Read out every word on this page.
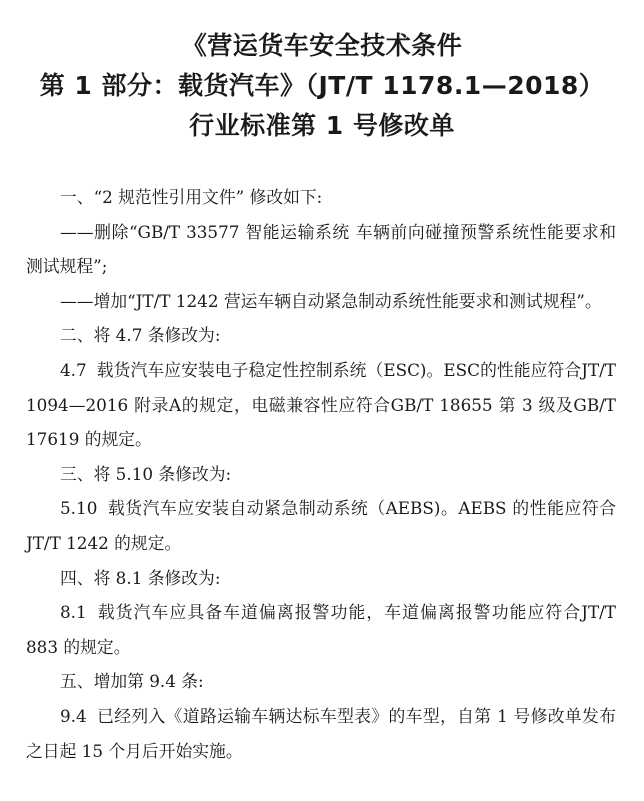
《营运货车安全技术条件
第 1 部分：载货汽车》（JT/T 1178.1—2018）
行业标准第 1 号修改单

一、“2 规范性引用文件” 修改如下:

——删除“GB/T 33577 智能运输系统 车辆前向碰撞预警系统性能要求和测试规程”;

——增加“JT/T 1242 营运车辆自动紧急制动系统性能要求和测试规程”。

二、将 4.7 条修改为:

4.7 载货汽车应安装电子稳定性控制系统（ESC)。ESC的性能应符合JT/T 1094—2016 附录A的规定，电磁兼容性应符合GB/T 18655 第 3 级及GB/T 17619 的规定。

三、将 5.10 条修改为:

5.10 载货汽车应安装自动紧急制动系统（AEBS)。AEBS 的性能应符合JT/T 1242 的规定。

四、将 8.1 条修改为:

8.1 载货汽车应具备车道偏离报警功能，车道偏离报警功能应符合JT/T 883 的规定。

五、增加第 9.4 条:

9.4 已经列入《道路运输车辆达标车型表》的车型，自第 1 号修改单发布之日起 15 个月后开始实施。
